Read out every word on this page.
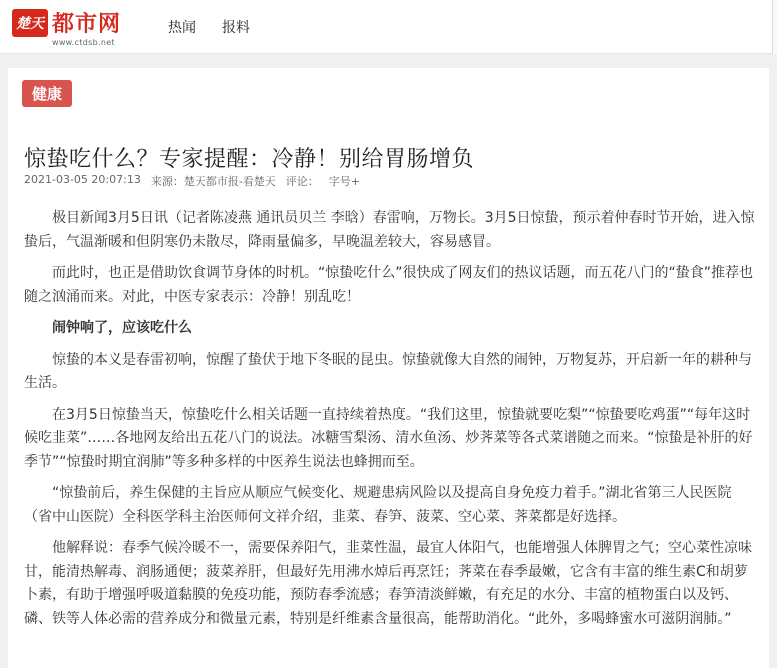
楚天 都市网
www.ctdsb.net
热闻 报料
健康
惊蛰吃什么？专家提醒：冷静！别给胃肠增负
2021-03-05 20:07:13 来源：楚天都市报-看楚天 评论： 字号+

极目新闻3月5日讯（记者陈凌燕 通讯员贝兰 李晗）春雷响，万物长。3月5日惊蛰，预示着仲春时节开始，进入惊蛰后，气温渐暖和但阴寒仍未散尽，降雨量偏多，早晚温差较大，容易感冒。

而此时，也正是借助饮食调节身体的时机。“惊蛰吃什么”很快成了网友们的热议话题，而五花八门的“蛰食”推荐也随之汹涌而来。对此，中医专家表示：冷静！别乱吃！

闹钟响了，应该吃什么

惊蛰的本义是春雷初响，惊醒了蛰伏于地下冬眠的昆虫。惊蛰就像大自然的闹钟，万物复苏，开启新一年的耕种与生活。

在3月5日惊蛰当天，惊蛰吃什么相关话题一直持续着热度。“我们这里，惊蛰就要吃梨”“惊蛰要吃鸡蛋”“每年这时候吃韭菜”……各地网友给出五花八门的说法。冰糖雪梨汤、清水鱼汤、炒荠菜等各式菜谱随之而来。“惊蛰是补肝的好季节”“惊蛰时期宜润肺”等多种多样的中医养生说法也蜂拥而至。

“惊蛰前后，养生保健的主旨应从顺应气候变化、规避患病风险以及提高自身免疫力着手。”湖北省第三人民医院（省中山医院）全科医学科主治医师何文祥介绍，韭菜、春笋、菠菜、空心菜、荠菜都是好选择。

他解释说：春季气候冷暖不一，需要保养阳气，韭菜性温，最宜人体阳气，也能增强人体脾胃之气；空心菜性凉味甘，能清热解毒、润肠通便；菠菜养肝，但最好先用沸水焯后再烹饪；荠菜在春季最嫩，它含有丰富的维生素C和胡萝卜素，有助于增强呼吸道黏膜的免疫功能，预防春季流感；春笋清淡鲜嫩，有充足的水分、丰富的植物蛋白以及钙、磷、铁等人体必需的营养成分和微量元素，特别是纤维素含量很高，能帮助消化。“此外，多喝蜂蜜水可滋阴润肺。”
